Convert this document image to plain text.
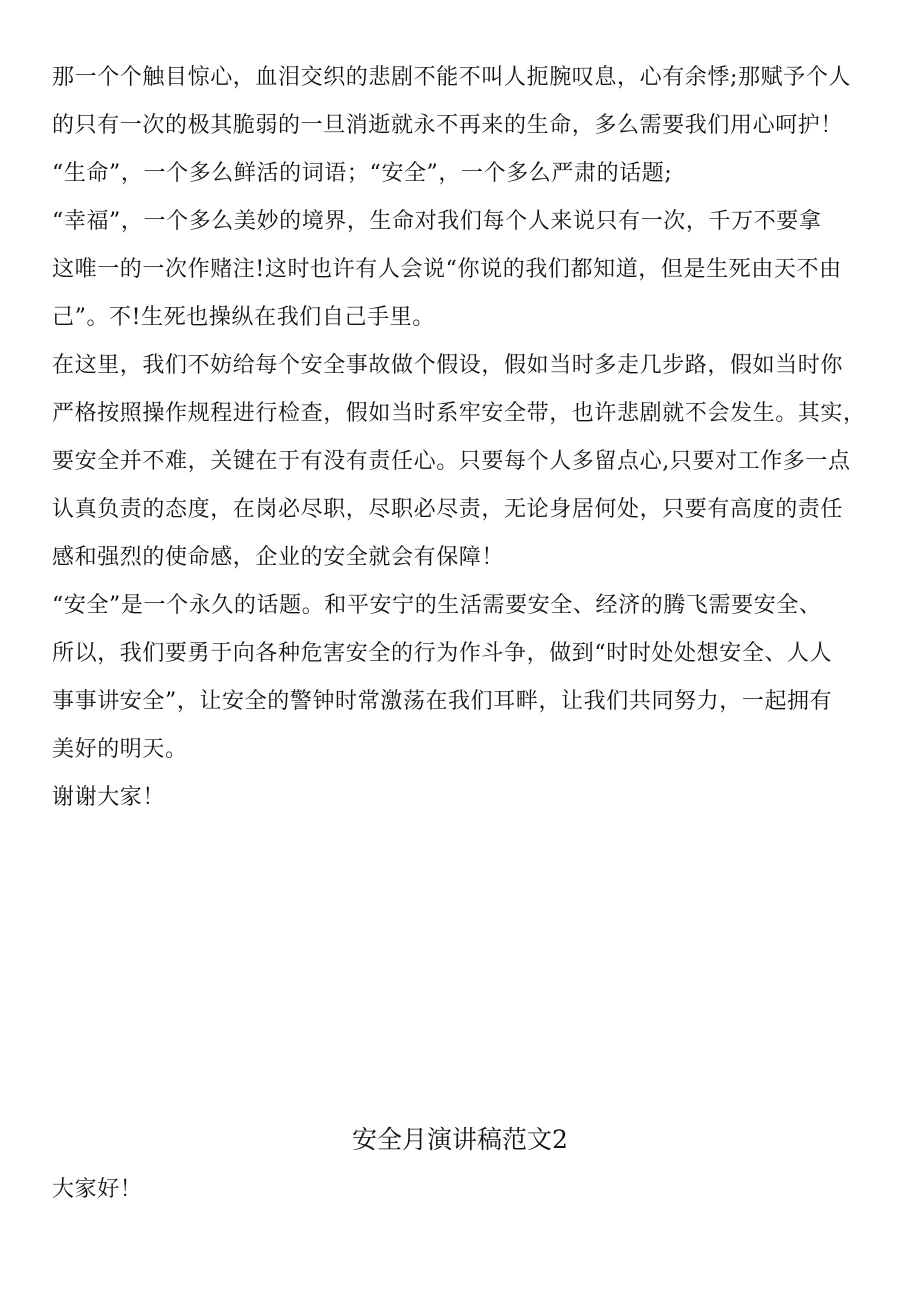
那一个个触目惊心，血泪交织的悲剧不能不叫人扼腕叹息，心有余悸;那赋予个人
的只有一次的极其脆弱的一旦消逝就永不再来的生命，多么需要我们用心呵护！
“生命”，一个多么鲜活的词语；“安全”，一个多么严肃的话题;
“幸福”，一个多么美妙的境界，生命对我们每个人来说只有一次，千万不要拿
这唯一的一次作赌注!这时也许有人会说“你说的我们都知道，但是生死由天不由
己”。不!生死也操纵在我们自己手里。
在这里，我们不妨给每个安全事故做个假设，假如当时多走几步路，假如当时你
严格按照操作规程进行检查，假如当时系牢安全带，也许悲剧就不会发生。其实，
要安全并不难，关键在于有没有责任心。只要每个人多留点心,只要对工作多一点
认真负责的态度，在岗必尽职，尽职必尽责，无论身居何处，只要有高度的责任
感和强烈的使命感，企业的安全就会有保障！
“安全”是一个永久的话题。和平安宁的生活需要安全、经济的腾飞需要安全、
所以，我们要勇于向各种危害安全的行为作斗争，做到“时时处处想安全、人人
事事讲安全”，让安全的警钟时常激荡在我们耳畔，让我们共同努力，一起拥有
美好的明天。
谢谢大家！
安全月演讲稿范文2
大家好！
